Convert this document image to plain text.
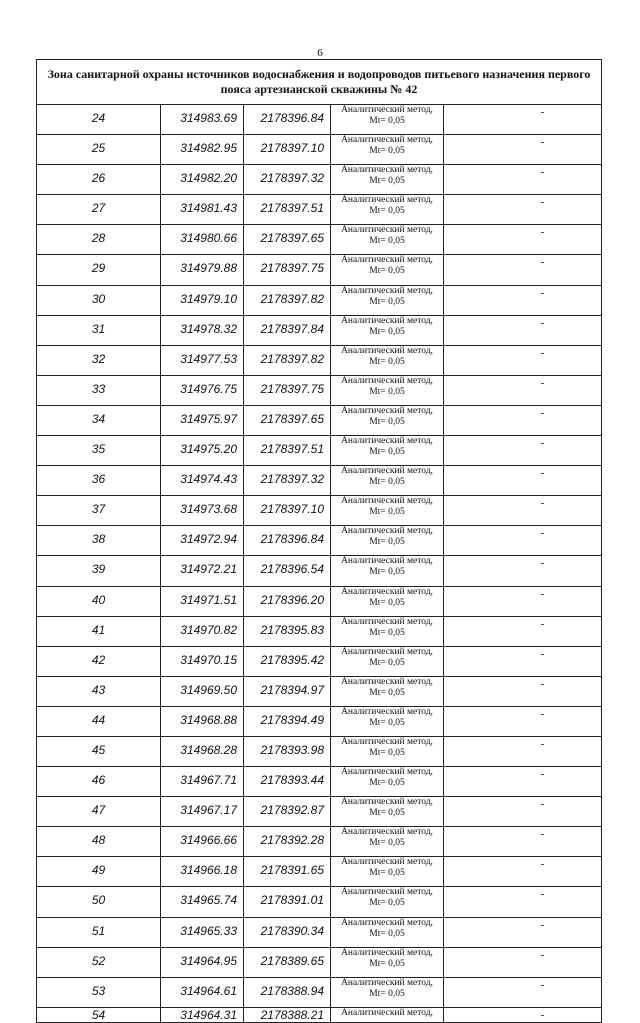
6
Зона санитарной охраны источников водоснабжения и водопроводов питьевого назначения первого пояса артезианской скважины № 42				
24	314983.69	2178396.84	Аналитический метод,
Mt= 0,05	-
25	314982.95	2178397.10	Аналитический метод,
Mt= 0,05	-
26	314982.20	2178397.32	Аналитический метод,
Mt= 0,05	-
27	314981.43	2178397.51	Аналитический метод,
Mt= 0,05	-
28	314980.66	2178397.65	Аналитический метод,
Mt= 0,05	-
29	314979.88	2178397.75	Аналитический метод,
Mt= 0,05	-
30	314979.10	2178397.82	Аналитический метод,
Mt= 0,05	-
31	314978.32	2178397.84	Аналитический метод,
Mt= 0,05	-
32	314977.53	2178397.82	Аналитический метод,
Mt= 0,05	-
33	314976.75	2178397.75	Аналитический метод,
Mt= 0,05	-
34	314975.97	2178397.65	Аналитический метод,
Mt= 0,05	-
35	314975.20	2178397.51	Аналитический метод,
Mt= 0,05	-
36	314974.43	2178397.32	Аналитический метод,
Mt= 0,05	-
37	314973.68	2178397.10	Аналитический метод,
Mt= 0,05	-
38	314972.94	2178396.84	Аналитический метод,
Mt= 0,05	-
39	314972.21	2178396.54	Аналитический метод,
Mt= 0,05	-
40	314971.51	2178396.20	Аналитический метод,
Mt= 0,05	-
41	314970.82	2178395.83	Аналитический метод,
Mt= 0,05	-
42	314970.15	2178395.42	Аналитический метод,
Mt= 0,05	-
43	314969.50	2178394.97	Аналитический метод,
Mt= 0,05	-
44	314968.88	2178394.49	Аналитический метод,
Mt= 0,05	-
45	314968.28	2178393.98	Аналитический метод,
Mt= 0,05	-
46	314967.71	2178393.44	Аналитический метод,
Mt= 0,05	-
47	314967.17	2178392.87	Аналитический метод,
Mt= 0,05	-
48	314966.66	2178392.28	Аналитический метод,
Mt= 0,05	-
49	314966.18	2178391.65	Аналитический метод,
Mt= 0,05	-
50	314965.74	2178391.01	Аналитический метод,
Mt= 0,05	-
51	314965.33	2178390.34	Аналитический метод,
Mt= 0,05	-
52	314964.95	2178389.65	Аналитический метод,
Mt= 0,05	-
53	314964.61	2178388.94	Аналитический метод,
Mt= 0,05	-
54	314964.31	2178388.21	Аналитический метод,	-
